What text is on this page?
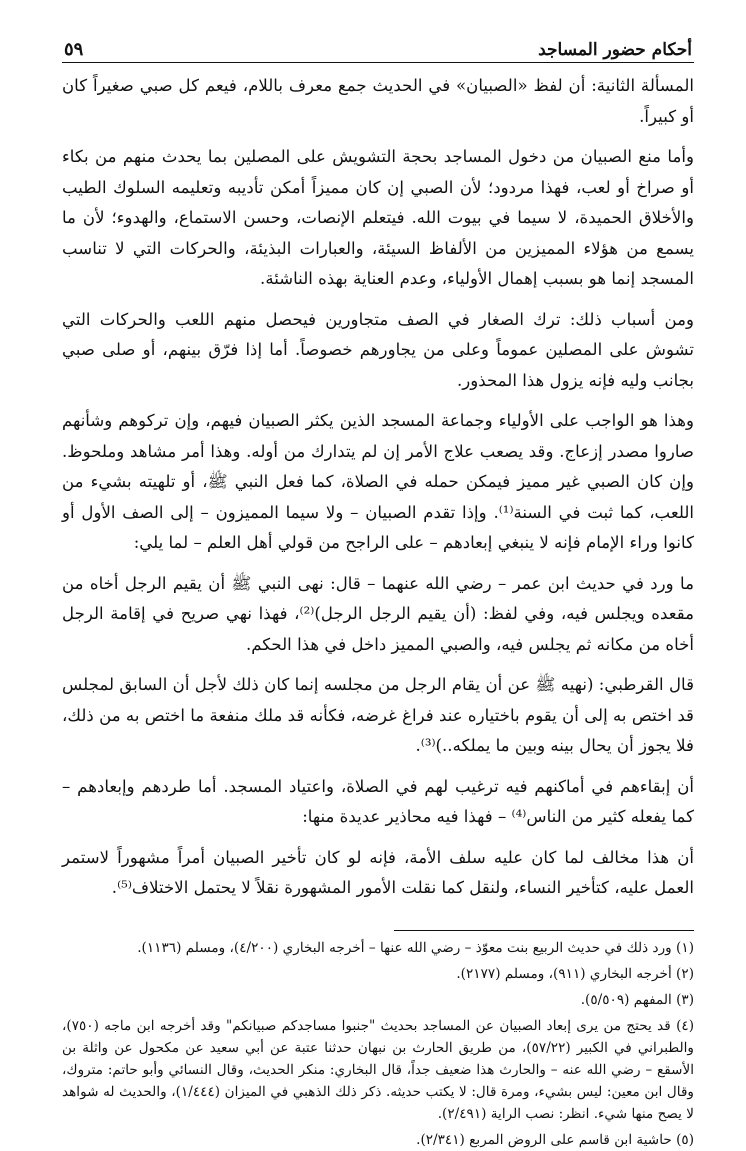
أحكام حضور المساجد
٥٩

المسألة الثانية: أن لفظ «الصبيان» في الحديث جمع معرف باللام، فيعم كل صبي صغيراً كان أو كبيراً.

وأما منع الصبيان من دخول المساجد بحجة التشويش على المصلين بما يحدث منهم من بكاء أو صراخ أو لعب، فهذا مردود؛ لأن الصبي إن كان مميزاً أمكن تأديبه وتعليمه السلوك الطيب والأخلاق الحميدة، لا سيما في بيوت الله. فيتعلم الإنصات، وحسن الاستماع، والهدوء؛ لأن ما يسمع من هؤلاء المميزين من الألفاظ السيئة، والعبارات البذيئة، والحركات التي لا تناسب المسجد إنما هو بسبب إهمال الأولياء، وعدم العناية بهذه الناشئة.

ومن أسباب ذلك: ترك الصغار في الصف متجاورين فيحصل منهم اللعب والحركات التي تشوش على المصلين عموماً وعلى من يجاورهم خصوصاً. أما إذا فرّق بينهم، أو صلى صبي بجانب وليه فإنه يزول هذا المحذور.

وهذا هو الواجب على الأولياء وجماعة المسجد الذين يكثر الصبيان فيهم، وإن تركوهم وشأنهم صاروا مصدر إزعاج. وقد يصعب علاج الأمر إن لم يتدارك من أوله. وهذا أمر مشاهد وملحوظ. وإن كان الصبي غير مميز فيمكن حمله في الصلاة، كما فعل النبي ﷺ، أو تلهيته بشيء من اللعب، كما ثبت في السنة⁽¹⁾. وإذا تقدم الصبيان – ولا سيما المميزون – إلى الصف الأول أو كانوا وراء الإمام فإنه لا ينبغي إبعادهم – على الراجح من قولي أهل العلم – لما يلي:

ما ورد في حديث ابن عمر – رضي الله عنهما – قال: نهى النبي ﷺ أن يقيم الرجل أخاه من مقعده ويجلس فيه، وفي لفظ: (أن يقيم الرجل الرجل)⁽²⁾، فهذا نهي صريح في إقامة الرجل أخاه من مكانه ثم يجلس فيه، والصبي المميز داخل في هذا الحكم.

قال القرطبي: (نهيه ﷺ عن أن يقام الرجل من مجلسه إنما كان ذلك لأجل أن السابق لمجلس قد اختص به إلى أن يقوم باختياره عند فراغ غرضه، فكأنه قد ملك منفعة ما اختص به من ذلك، فلا يجوز أن يحال بينه وبين ما يملكه..)⁽³⁾.

أن إبقاءهم في أماكنهم فيه ترغيب لهم في الصلاة، واعتياد المسجد. أما طردهم وإبعادهم – كما يفعله كثير من الناس⁽⁴⁾ – فهذا فيه محاذير عديدة منها:

أن هذا مخالف لما كان عليه سلف الأمة، فإنه لو كان تأخير الصبيان أمراً مشهوراً لاستمر العمل عليه، كتأخير النساء، ولنقل كما نقلت الأمور المشهورة نقلاً لا يحتمل الاختلاف⁽⁵⁾.

(١) ورد ذلك في حديث الربيع بنت معوّذ – رضي الله عنها – أخرجه البخاري (٤/٢٠٠)، ومسلم (١١٣٦).

(٢) أخرجه البخاري (٩١١)، ومسلم (٢١٧٧).

(٣) المفهم (٥/٥٠٩).

(٤) قد يحتج من يرى إبعاد الصبيان عن المساجد بحديث "جنبوا مساجدكم صبيانكم" وقد أخرجه ابن ماجه (٧٥٠)، والطبراني في الكبير (٥٧/٢٢)، من طريق الحارث بن نبهان حدثنا عتبة عن أبي سعيد عن مكحول عن واثلة بن الأسقع – رضي الله عنه – والحارث هذا ضعيف جداً، قال البخاري: منكر الحديث، وقال النسائي وأبو حاتم: متروك، وقال ابن معين: ليس بشيء، ومرة قال: لا يكتب حديثه. ذكر ذلك الذهبي في الميزان (١/٤٤٤)، والحديث له شواهد لا يصح منها شيء. انظر: نصب الراية (٢/٤٩١).

(٥) حاشية ابن قاسم على الروض المربع (٢/٣٤١).
